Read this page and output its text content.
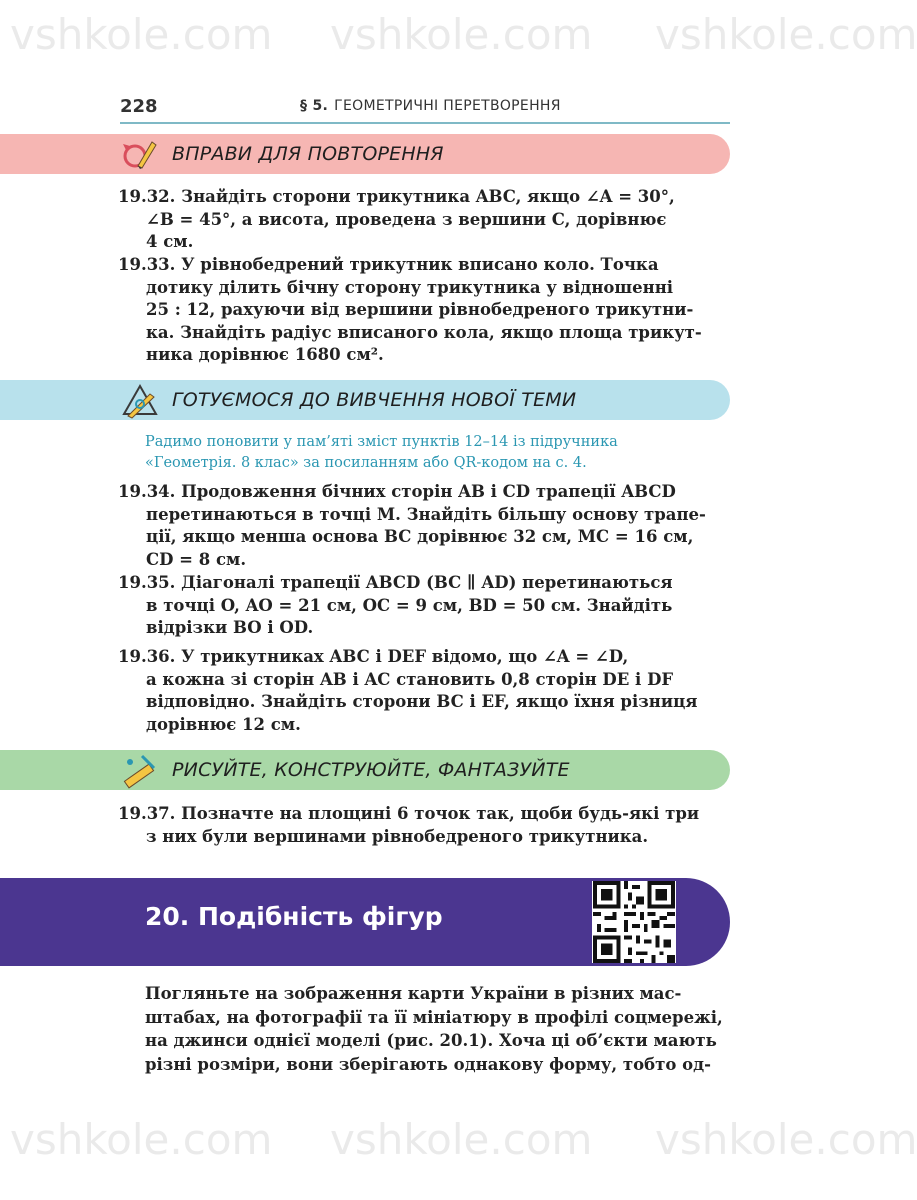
vshkole.com vshkole.com vshkole.com
vshkole.com vshkole.com vshkole.com
228	§ 5. ГЕОМЕТРИЧНІ ПЕРЕТВОРЕННЯ
ВПРАВИ ДЛЯ ПОВТОРЕННЯ
19.32. Знайдіть сторони трикутника ABC, якщо ∠A = 30°,
∠B = 45°, а висота, проведена з вершини C, дорівнює
4 см.
19.33. У рівнобедрений трикутник вписано коло. Точка
дотику ділить бічну сторону трикутника у відношенні
25 : 12, рахуючи від вершини рівнобедреного трикутни-
ка. Знайдіть радіус вписаного кола, якщо площа трикут-
ника дорівнює 1680 см².
ГОТУЄМОСЯ ДО ВИВЧЕННЯ НОВОЇ ТЕМИ
Радимо поновити у пам’яті зміст пунктів 12–14 із підручника
«Геометрія. 8 клас» за посиланням або QR-кодом на с. 4.
19.34. Продовження бічних сторін AB і CD трапеції ABCD
перетинаються в точці M. Знайдіть більшу основу трапе-
ції, якщо менша основа BC дорівнює 32 см, MC = 16 см,
CD = 8 см.
19.35. Діагоналі трапеції ABCD (BC ∥ AD) перетинаються
в точці O, AO = 21 см, OC = 9 см, BD = 50 см. Знайдіть
відрізки BO і OD.
19.36. У трикутниках ABC і DEF відомо, що ∠A = ∠D,
а кожна зі сторін AB і AC становить 0,8 сторін DE і DF
відповідно. Знайдіть сторони BC і EF, якщо їхня різниця
дорівнює 12 см.
РИСУЙТЕ, КОНСТРУЮЙТЕ, ФАНТАЗУЙТЕ
19.37. Позначте на площині 6 точок так, щоби будь-які три
з них були вершинами рівнобедреного трикутника.
20. Подібність фігур
Погляньте на зображення карти України в різних мас-
штабах, на фотографії та її мініатюру в профілі соцмережі,
на джинси однієї моделі (рис. 20.1). Хоча ці об’єкти мають
різні розміри, вони зберігають однакову форму, тобто од-
